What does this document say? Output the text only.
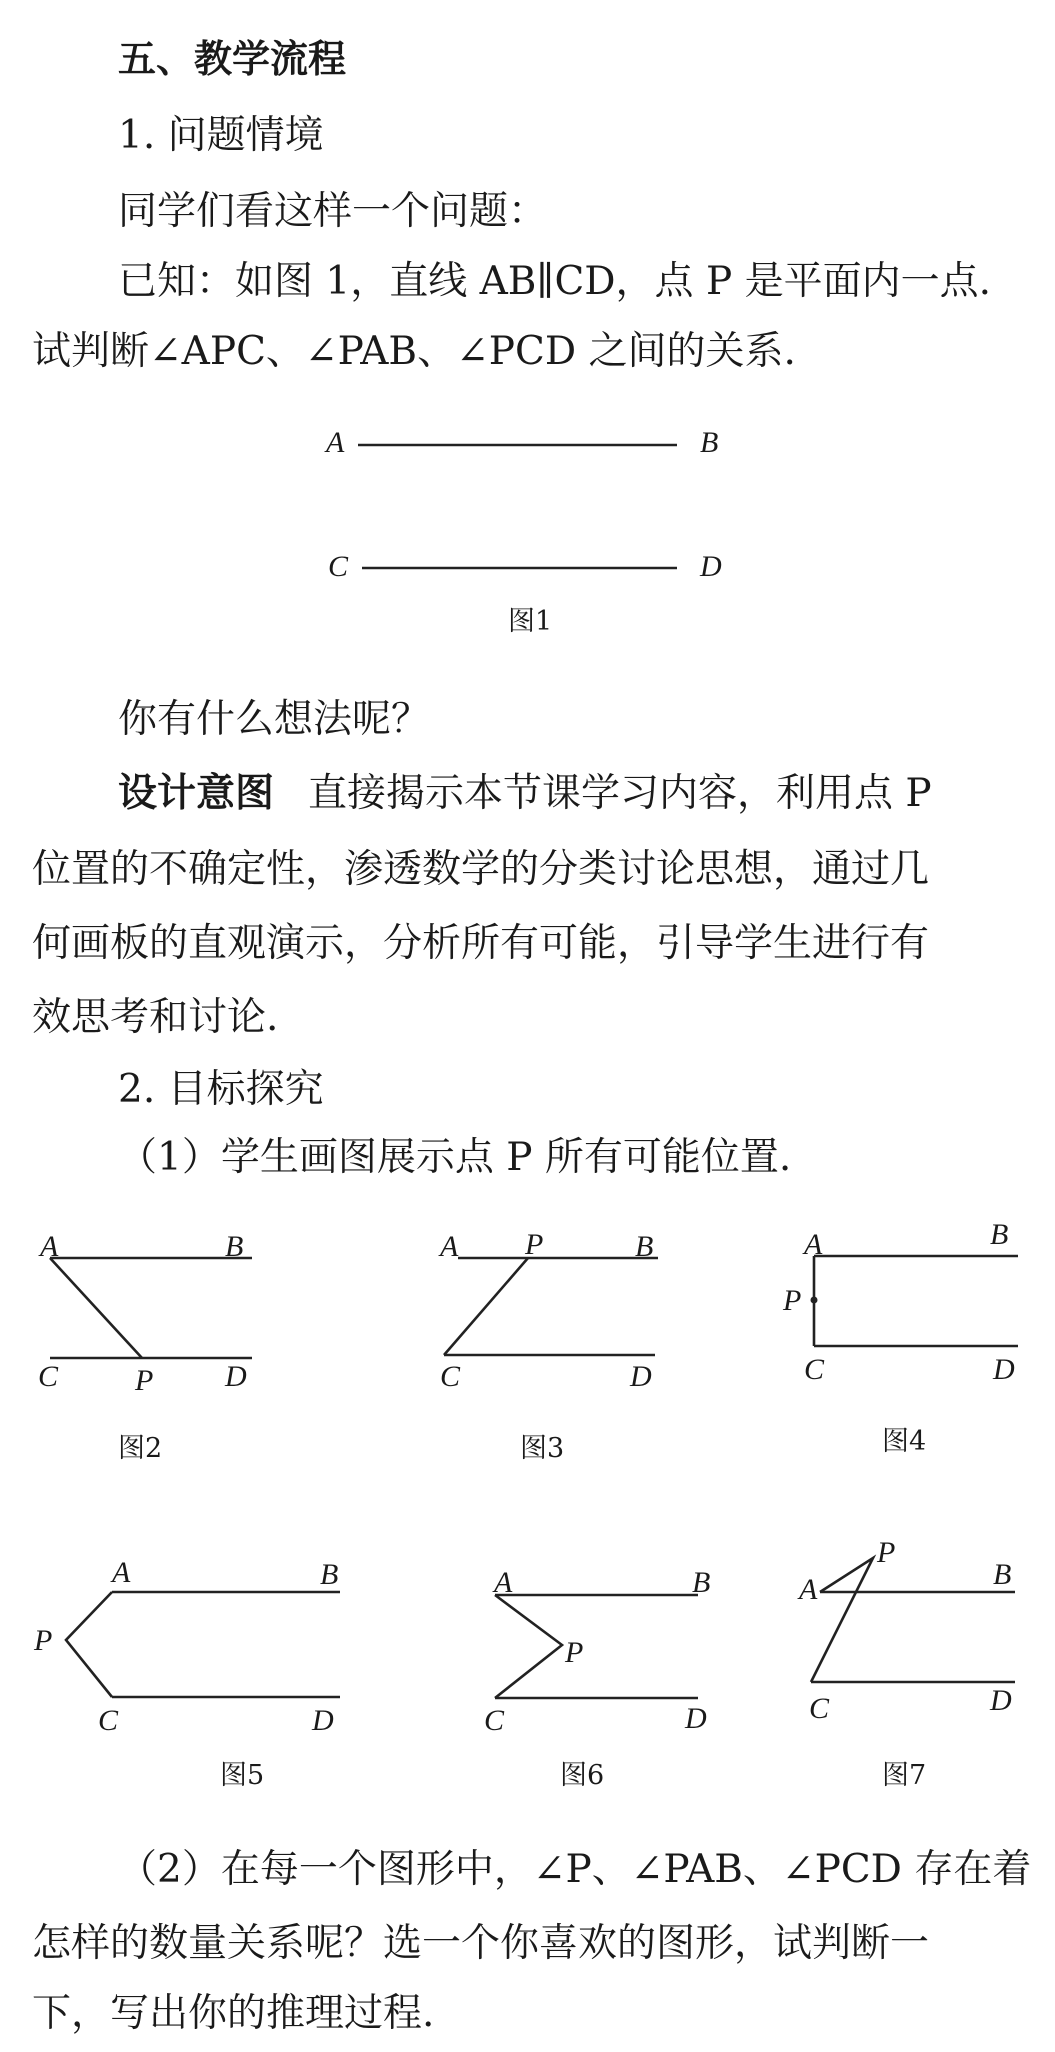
五、教学流程
1. 问题情境
同学们看这样一个问题：
已知：如图 1，直线 AB∥CD，点 P 是平面内一点.
试判断∠APC、∠PAB、∠PCD 之间的关系.
A	B
C	D
图1
你有什么想法呢？
设计意图 直接揭示本节课学习内容，利用点 P
位置的不确定性，渗透数学的分类讨论思想，通过几
何画板的直观演示，分析所有可能，引导学生进行有
效思考和讨论.
2. 目标探究
（1）学生画图展示点 P 所有可能位置.
A	B
C	P D
图2
A P	B
C	D
图3
A	B
P
C	D
图4
A	B
P
C	D
图5
A	B
P
C	D
图6
A
P
B
C	D
图7
（2）在每一个图形中，∠P、∠PAB、∠PCD 存在着
怎样的数量关系呢？选一个你喜欢的图形，试判断一
下，写出你的推理过程.
